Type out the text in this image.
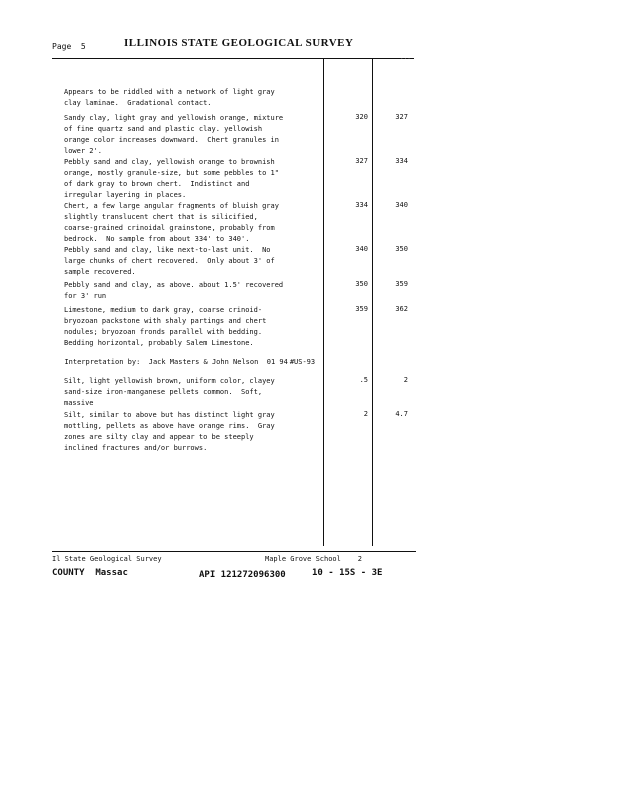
Page  5	ILLINOIS STATE GEOLOGICAL SURVEY
...
Appears to be riddled with a network of light gray
clay laminae.  Gradational contact.
Sandy clay, light gray and yellowish orange, mixture
of fine quartz sand and plastic clay. yellowish
orange color increases downward.  Chert granules in
lower 2'.
320	327
Pebbly sand and clay, yellowish orange to brownish
orange, mostly granule-size, but some pebbles to 1"
of dark gray to brown chert.  Indistinct and
irregular layering in places.
327	334
Chert, a few large angular fragments of bluish gray
slightly translucent chert that is silicified,
coarse-grained crinoidal grainstone, probably from
bedrock.  No sample from about 334' to 340'.
334	340
Pebbly sand and clay, like next-to-last unit.  No
large chunks of chert recovered.  Only about 3' of
sample recovered.
340	350
Pebbly sand and clay, as above. about 1.5' recovered
for 3' run
350	359
Limestone, medium to dark gray, coarse crinoid-
bryozoan packstone with shaly partings and chert
nodules; bryozoan fronds parallel with bedding.
Bedding horizontal, probably Salem Limestone.
359	362

Interpretation by:  Jack Masters & John Nelson  01 94 #US-93

Silt, light yellowish brown, uniform color, clayey
sand-size iron-manganese pellets common.  Soft,
massive
.5	2
Silt, similar to above but has distinct light gray
mottling, pellets as above have orange rims.  Gray
zones are silty clay and appear to be steeply
inclined fractures and/or burrows.
2	4.7
Il State Geological Survey	Maple Grove School    2
COUNTY  Massac	API 121272096300	10 - 15S - 3E
